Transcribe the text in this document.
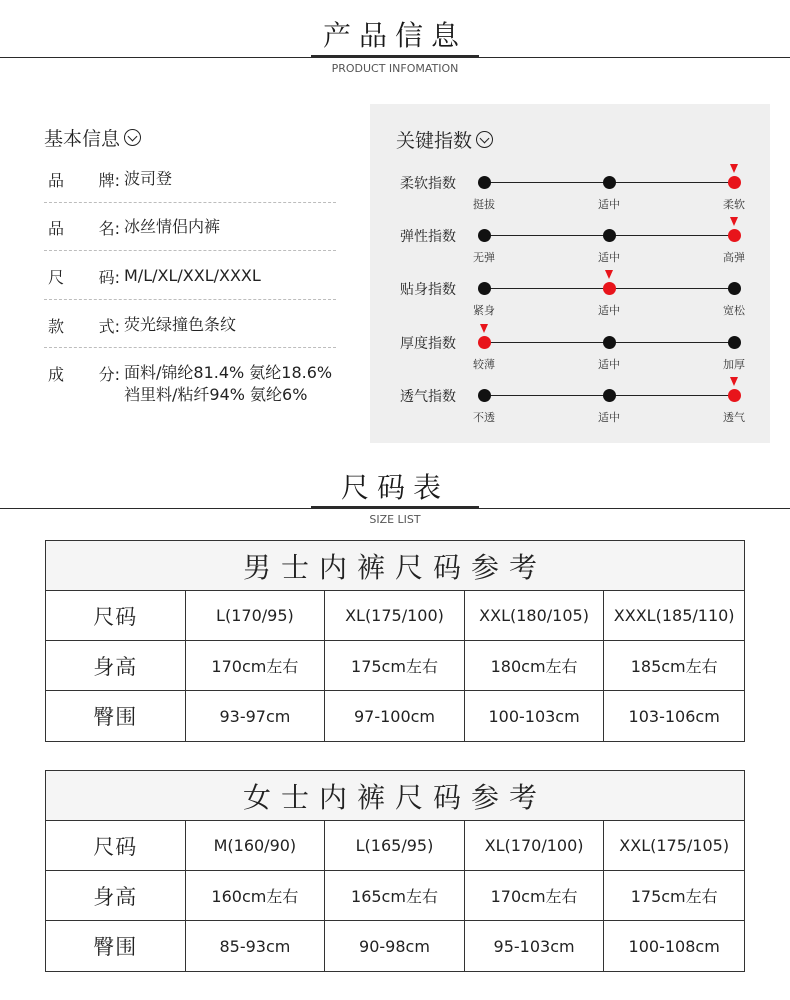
产品信息
PRODUCT INFOMATION
基本信息
品 牌: 波司登
品 名: 冰丝情侣内裤
尺 码: M/L/XL/XXL/XXXL
款 式: 荧光绿撞色条纹
成 分: 面料/锦纶81.4% 氨纶18.6%
裆里料/粘纤94% 氨纶6%
关键指数
柔软指数
挺拔	适中	柔软
弹性指数
无弹	适中	高弹
贴身指数
紧身	适中	宽松
厚度指数
较薄	适中	加厚
透气指数
不透	适中	透气
尺码表
SIZE LIST
男士内裤尺码参考
尺码	L(170/95)	XL(175/100)	XXL(180/105)	XXXL(185/110)
身高	170cm左右	175cm左右	180cm左右	185cm左右
臀围	93-97cm	97-100cm	100-103cm	103-106cm
女士内裤尺码参考
尺码	M(160/90)	L(165/95)	XL(170/100)	XXL(175/105)
身高	160cm左右	165cm左右	170cm左右	175cm左右
臀围	85-93cm	90-98cm	95-103cm	100-108cm
